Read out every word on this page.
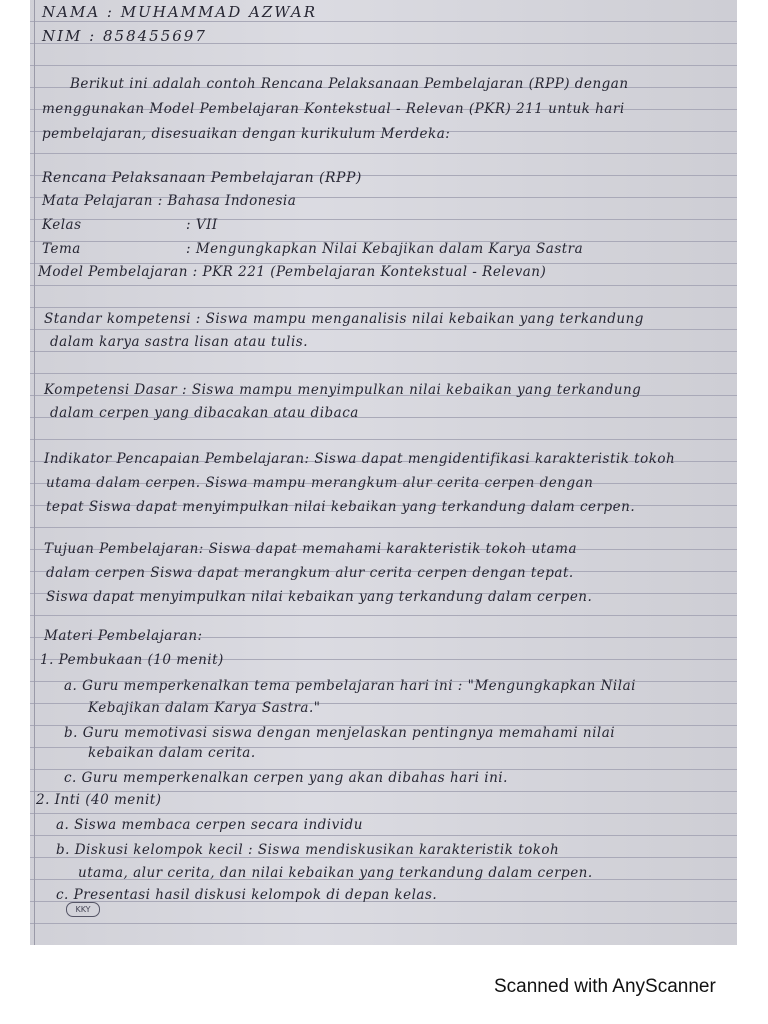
NAMA : MUHAMMAD AZWAR

NIM : 858455697

Berikut ini adalah contoh Rencana Pelaksanaan Pembelajaran (RPP) dengan

menggunakan Model Pembelajaran Kontekstual - Relevan (PKR) 211 untuk hari

pembelajaran, disesuaikan dengan kurikulum Merdeka:

Rencana Pelaksanaan Pembelajaran (RPP)

Mata Pelajaran : Bahasa Indonesia

Kelas	: VII

Tema	: Mengungkapkan Nilai Kebajikan dalam Karya Sastra

Model Pembelajaran : PKR 221 (Pembelajaran Kontekstual - Relevan)

Standar kompetensi : Siswa mampu menganalisis nilai kebaikan yang terkandung

dalam karya sastra lisan atau tulis.

Kompetensi Dasar : Siswa mampu menyimpulkan nilai kebaikan yang terkandung

dalam cerpen yang dibacakan atau dibaca

Indikator Pencapaian Pembelajaran: Siswa dapat mengidentifikasi karakteristik tokoh

utama dalam cerpen. Siswa mampu merangkum alur cerita cerpen dengan

tepat Siswa dapat menyimpulkan nilai kebaikan yang terkandung dalam cerpen.

Tujuan Pembelajaran: Siswa dapat memahami karakteristik tokoh utama

dalam cerpen Siswa dapat merangkum alur cerita cerpen dengan tepat.

Siswa dapat menyimpulkan nilai kebaikan yang terkandung dalam cerpen.

Materi Pembelajaran:

1. Pembukaan (10 menit)

a. Guru memperkenalkan tema pembelajaran hari ini : "Mengungkapkan Nilai

Kebajikan dalam Karya Sastra."

b. Guru memotivasi siswa dengan menjelaskan pentingnya memahami nilai

kebaikan dalam cerita.

c. Guru memperkenalkan cerpen yang akan dibahas hari ini.

2. Inti (40 menit)

a. Siswa membaca cerpen secara individu

b. Diskusi kelompok kecil : Siswa mendiskusikan karakteristik tokoh

utama, alur cerita, dan nilai kebaikan yang terkandung dalam cerpen.

c. Presentasi hasil diskusi kelompok di depan kelas.

KKY
Scanned with AnyScanner
